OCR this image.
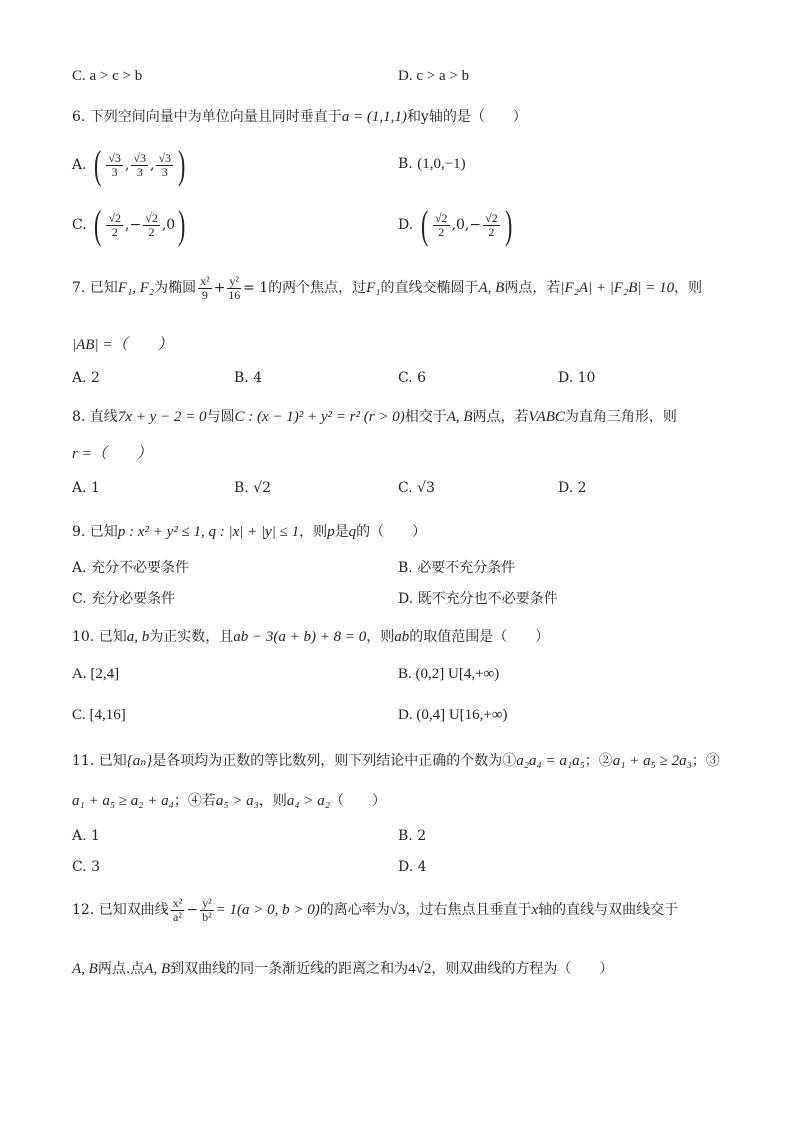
C. a > c > b	D. c > a > b
6. 下列空间向量中为单位向量且同时垂直于a = (1,1,1)和y轴的是（　　）
A. ( $\frac{√3}{3}$ , $\frac{√3}{3}$ , $\frac{√3}{3}$ )	B. (1,0,−1)
C. ( $\frac{√2}{2}$ ,− $\frac{√2}{2} ,0$)	D. ( $\frac{√2}{2} ,0,- \frac{√2}{2}$ )
7. 已知F₁, F₂为椭圆 $\frac{\text{x²}}{9} + \frac{\text{y²}}{16} = 1$的两个焦点，过F₁的直线交椭圆于A, B两点，若|F₂A| + |F₂B| = 10，则
|AB| =（　　）
A. 2	B. 4	C. 6	D. 10
8. 直线7x + y − 2 = 0与圆C : (x − 1)² + y² = r² (r > 0)相交于A, B两点，若VABC为直角三角形，则
r =（　　）
A. 1	B. √2	C. √3	D. 2
9. 已知p : x² + y² ≤ 1, q : |x| + |y| ≤ 1，则p是q的（　　）
A. 充分不必要条件	B. 必要不充分条件
C. 充分必要条件	D. 既不充分也不必要条件
10. 已知a, b为正实数，且ab − 3(a + b) + 8 = 0，则ab的取值范围是（　　）
A. [2,4]	B. (0,2] U[4,+∞)
C. [4,16]	D. (0,4] U[16,+∞)
11. 已知{aₙ}是各项均为正数的等比数列，则下列结论中正确的个数为①a₂a₄ = a₁a₅；②a₁ + a₅ ≥ 2a₃；③
a₁ + a₅ ≥ a₂ + a₄；④若a₅ > a₃，则a₄ > a₂（　　）
A. 1	B. 2
C. 3	D. 4
12. 已知双曲线 $\frac{\text{x²}}{\text{a²}} - \frac{\text{y²}}{\text{b²}} = 1(a > 0$, b > 0)的离心率为√3，过右焦点且垂直于x轴的直线与双曲线交于
A, B两点.点A, B到双曲线的同一条渐近线的距离之和为4√2，则双曲线的方程为（　　）
